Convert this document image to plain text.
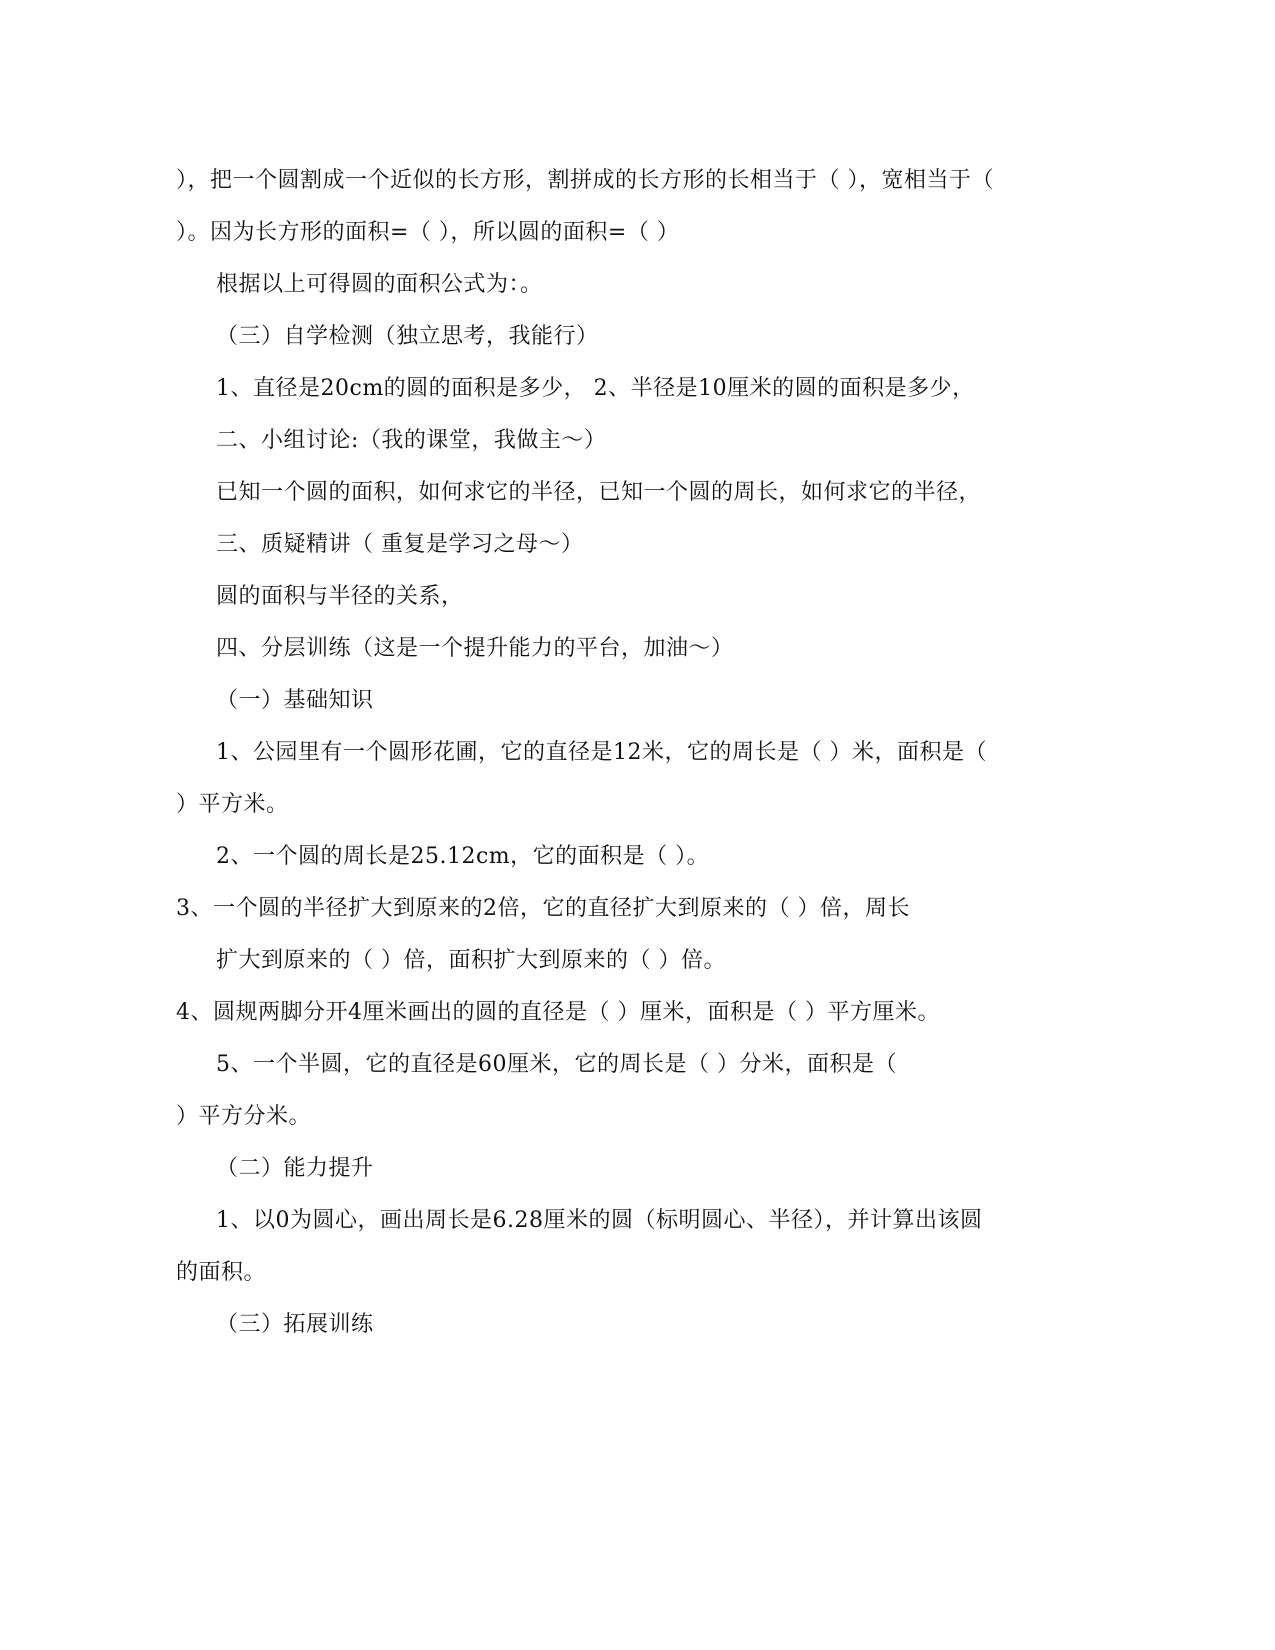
），把一个圆割成一个近似的长方形，割拼成的长方形的长相当于（ ），宽相当于（
）。因为长方形的面积=（ ），所以圆的面积=（ ）
根据以上可得圆的面积公式为：。
（三）自学检测（独立思考，我能行）
1、直径是20cm的圆的面积是多少， 2、半径是10厘米的圆的面积是多少，
二、小组讨论:（我的课堂，我做主～）
已知一个圆的面积，如何求它的半径，已知一个圆的周长，如何求它的半径，
三、质疑精讲（ 重复是学习之母～）
圆的面积与半径的关系，
四、分层训练（这是一个提升能力的平台，加油～）
（一）基础知识
1、公园里有一个圆形花圃，它的直径是12米，它的周长是（ ）米，面积是（
）平方米。
2、一个圆的周长是25.12cm，它的面积是（ ）。
3、一个圆的半径扩大到原来的2倍，它的直径扩大到原来的（ ）倍，周长
扩大到原来的（ ）倍，面积扩大到原来的（ ）倍。
4、圆规两脚分开4厘米画出的圆的直径是（ ）厘米，面积是（ ）平方厘米。
5、一个半圆，它的直径是60厘米，它的周长是（ ）分米，面积是（
）平方分米。
（二）能力提升
1、以0为圆心，画出周长是6.28厘米的圆（标明圆心、半径），并计算出该圆
的面积。
（三）拓展训练
